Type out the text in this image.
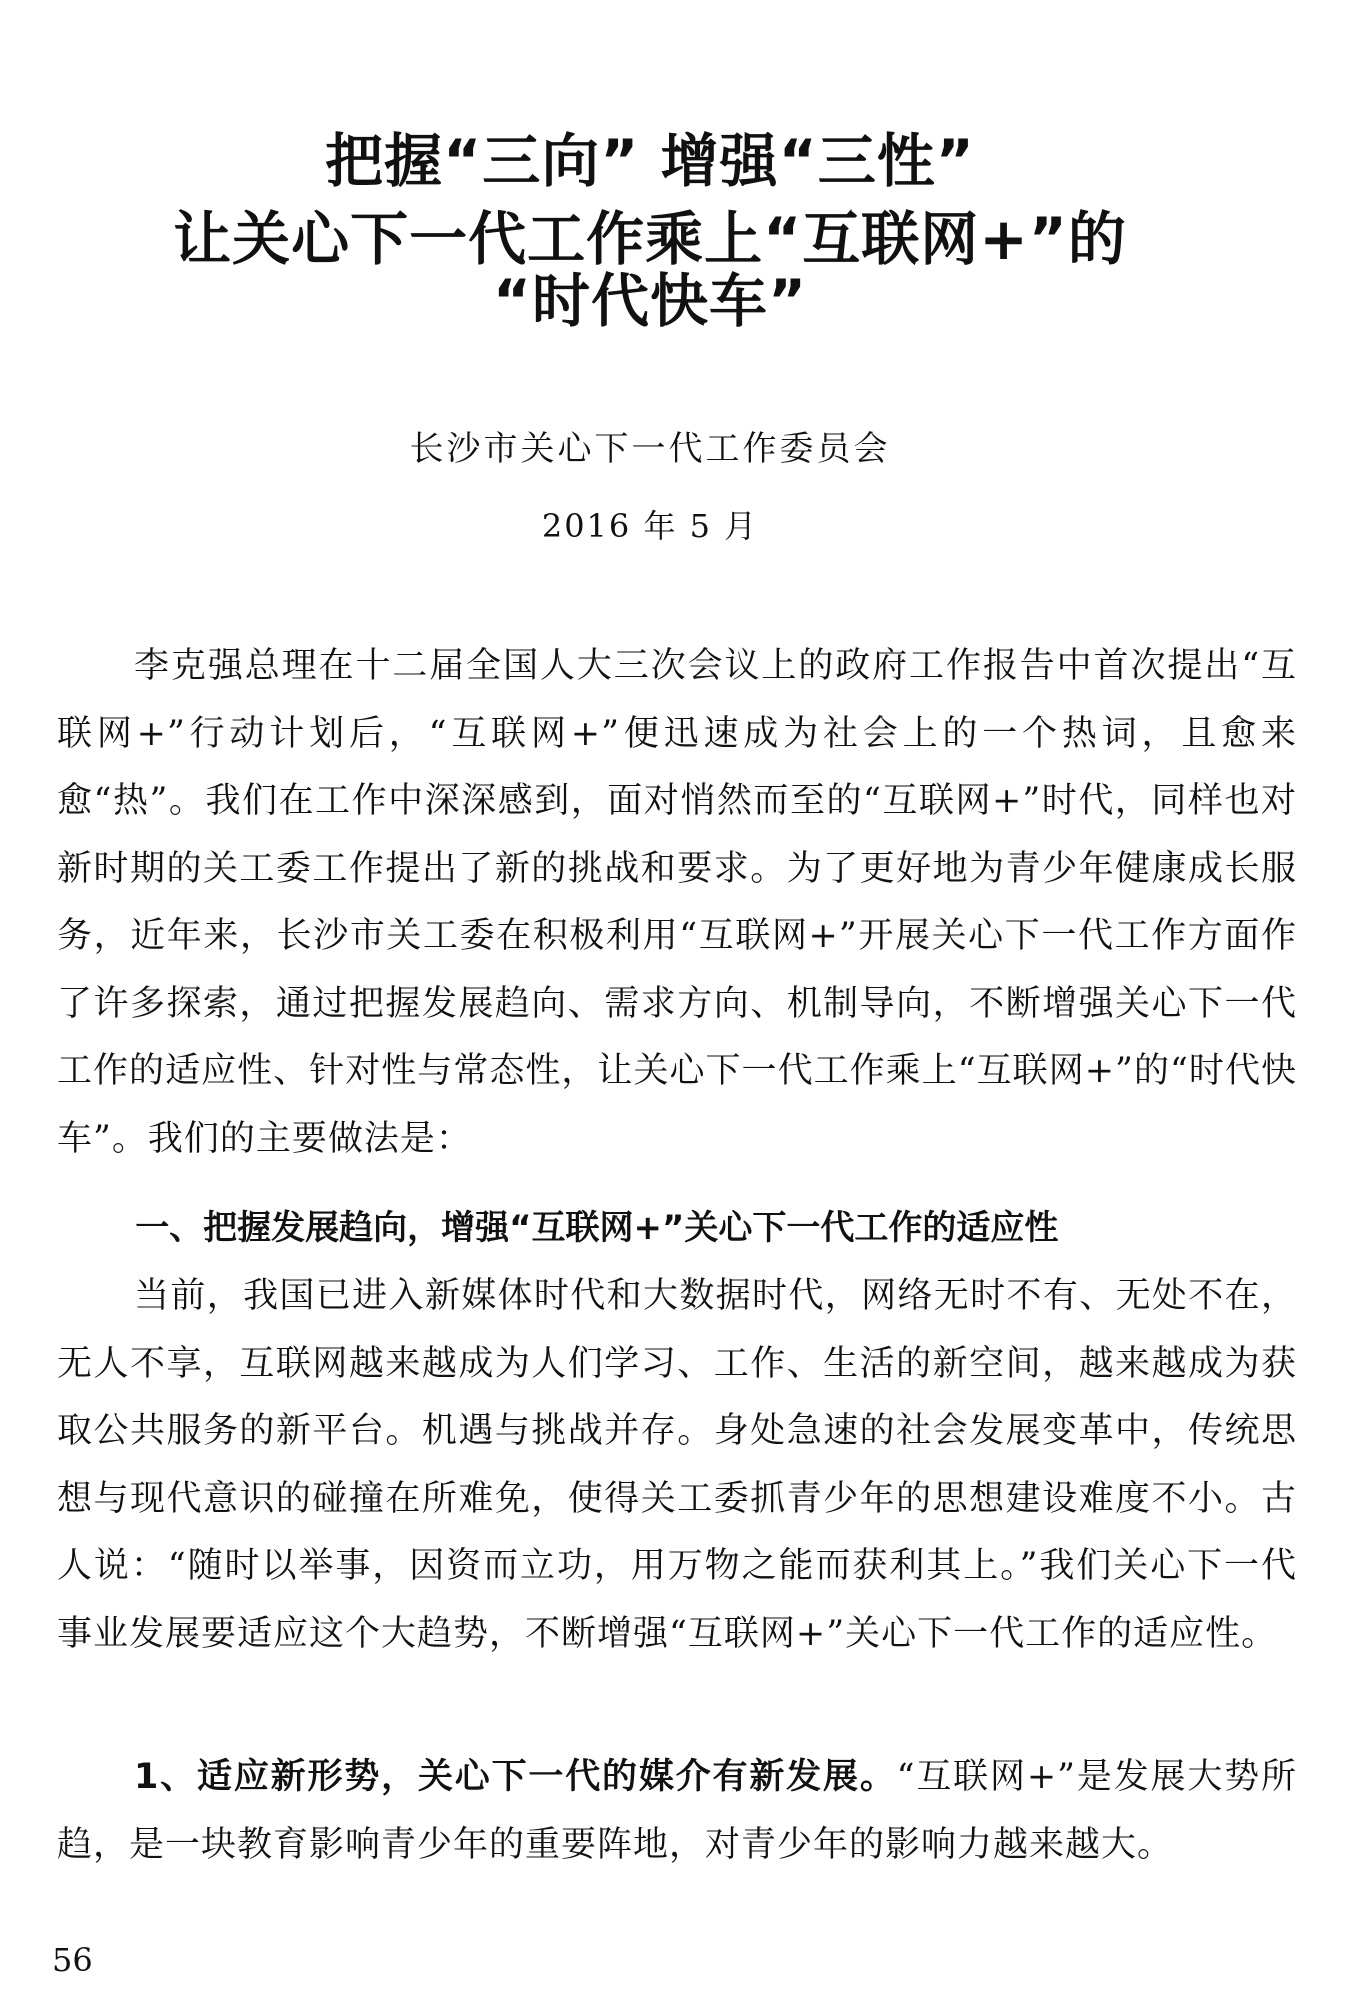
把握“三向” 增强“三性”
让关心下一代工作乘上“互联网+”的
“时代快车”
长沙市关心下一代工作委员会
2016 年 5 月

李克强总理在十二届全国人大三次会议上的政府工作报告中首次提出“互联网+”行动计划后，“互联网+”便迅速成为社会上的一个热词，且愈来愈“热”。我们在工作中深深感到，面对悄然而至的“互联网+”时代，同样也对新时期的关工委工作提出了新的挑战和要求。为了更好地为青少年健康成长服务，近年来，长沙市关工委在积极利用“互联网+”开展关心下一代工作方面作了许多探索，通过把握发展趋向、需求方向、机制导向，不断增强关心下一代工作的适应性、针对性与常态性，让关心下一代工作乘上“互联网+”的“时代快车”。我们的主要做法是：

一、把握发展趋向，增强“互联网+”关心下一代工作的适应性

当前，我国已进入新媒体时代和大数据时代，网络无时不有、无处不在，无人不享，互联网越来越成为人们学习、工作、生活的新空间，越来越成为获取公共服务的新平台。机遇与挑战并存。身处急速的社会发展变革中，传统思想与现代意识的碰撞在所难免，使得关工委抓青少年的思想建设难度不小。古人说：“随时以举事，因资而立功，用万物之能而获利其上。”我们关心下一代事业发展要适应这个大趋势，不断增强“互联网+”关心下一代工作的适应性。

1、适应新形势，关心下一代的媒介有新发展。“互联网+”是发展大势所趋，是一块教育影响青少年的重要阵地，对青少年的影响力越来越大。

56
